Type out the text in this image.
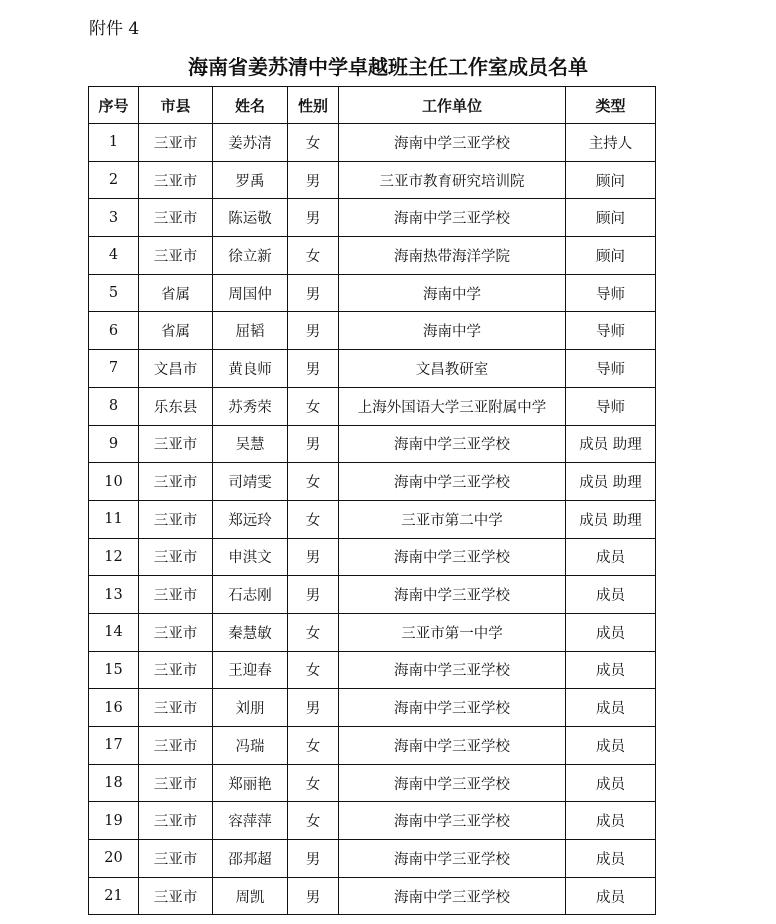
附件 4
海南省姜苏清中学卓越班主任工作室成员名单
序号	市县	姓名	性别	工作单位	类型
1	三亚市	姜苏清	女	海南中学三亚学校	主持人
2	三亚市	罗禹	男	三亚市教育研究培训院	顾问
3	三亚市	陈运敬	男	海南中学三亚学校	顾问
4	三亚市	徐立新	女	海南热带海洋学院	顾问
5	省属	周国仲	男	海南中学	导师
6	省属	屈韬	男	海南中学	导师
7	文昌市	黄良师	男	文昌教研室	导师
8	乐东县	苏秀荣	女	上海外国语大学三亚附属中学	导师
9	三亚市	吴慧	男	海南中学三亚学校	成员 助理
10	三亚市	司靖雯	女	海南中学三亚学校	成员 助理
11	三亚市	郑远玲	女	三亚市第二中学	成员 助理
12	三亚市	申淇文	男	海南中学三亚学校	成员
13	三亚市	石志刚	男	海南中学三亚学校	成员
14	三亚市	秦慧敏	女	三亚市第一中学	成员
15	三亚市	王迎春	女	海南中学三亚学校	成员
16	三亚市	刘朋	男	海南中学三亚学校	成员
17	三亚市	冯瑞	女	海南中学三亚学校	成员
18	三亚市	郑丽艳	女	海南中学三亚学校	成员
19	三亚市	容萍萍	女	海南中学三亚学校	成员
20	三亚市	邵邦超	男	海南中学三亚学校	成员
21	三亚市	周凯	男	海南中学三亚学校	成员
